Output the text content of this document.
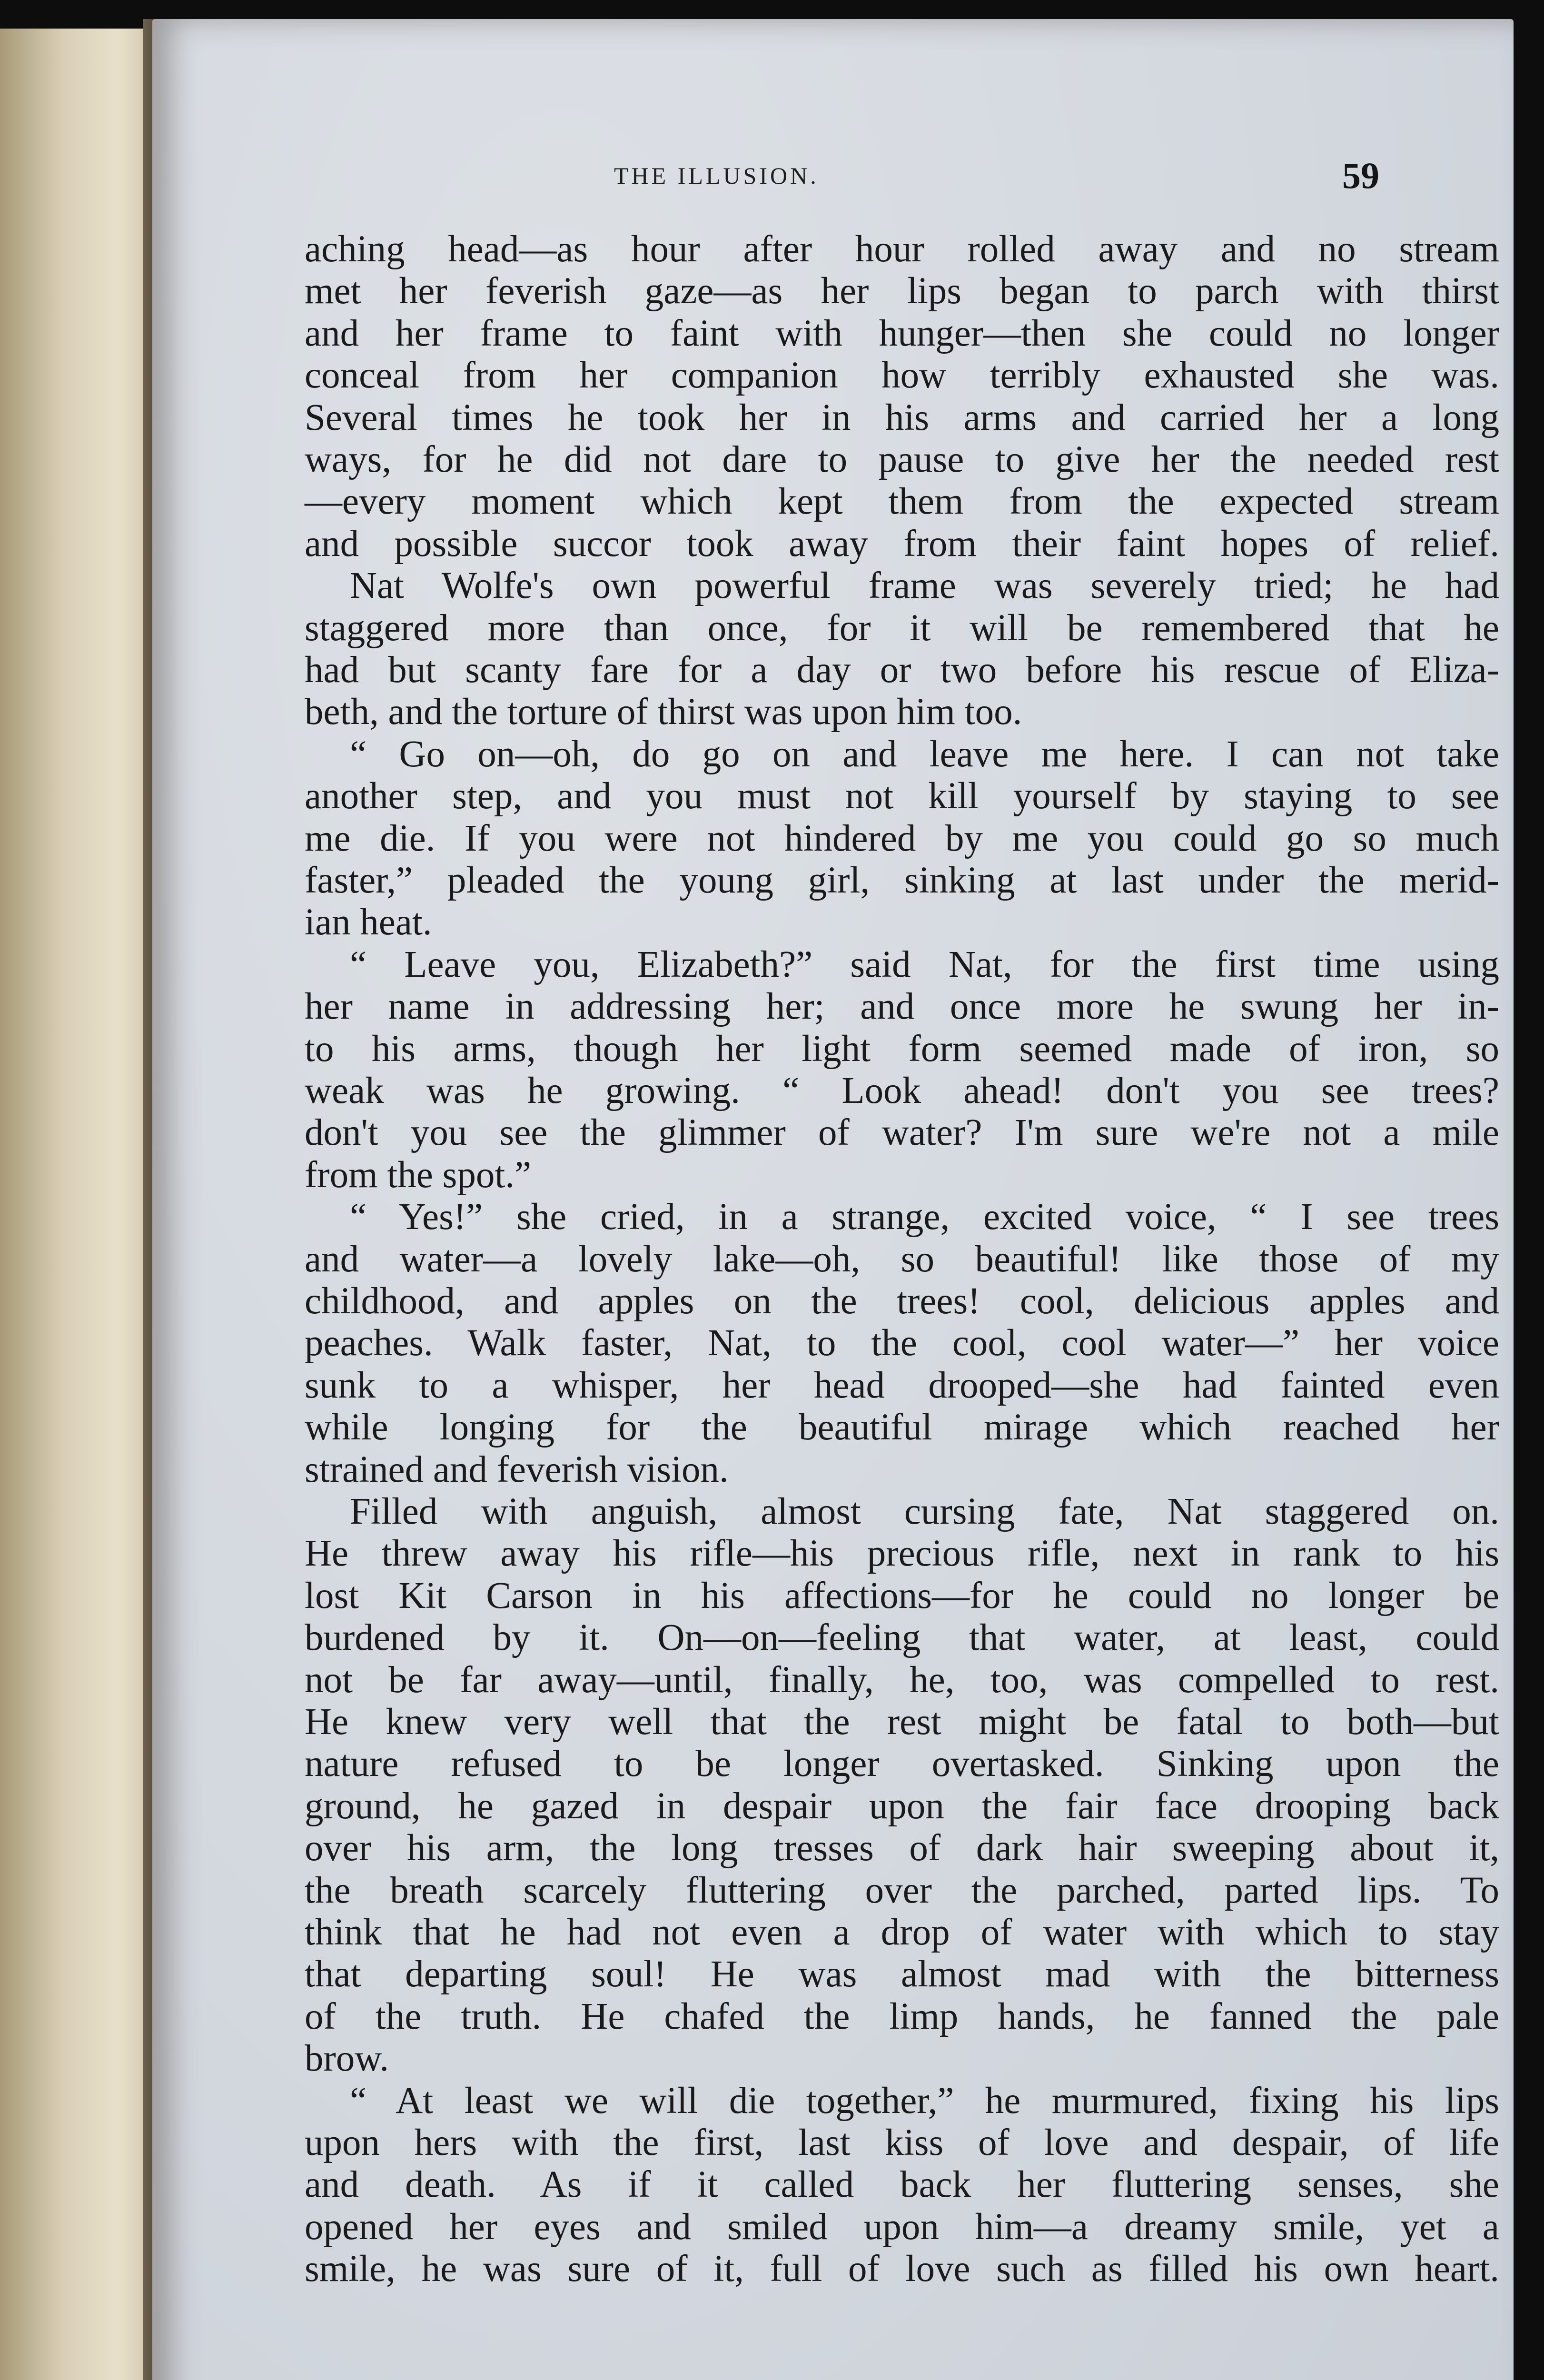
THE ILLUSION.	59
aching head—as hour after hour rolled away and no stream
met her feverish gaze—as her lips began to parch with thirst
and her frame to faint with hunger—then she could no longer
conceal from her companion how terribly exhausted she was.
Several times he took her in his arms and carried her a long
ways, for he did not dare to pause to give her the needed rest
—every moment which kept them from the expected stream
and possible succor took away from their faint hopes of relief.
Nat Wolfe's own powerful frame was severely tried; he had
staggered more than once, for it will be remembered that he
had but scanty fare for a day or two before his rescue of Eliza-
beth, and the torture of thirst was upon him too.
“ Go on—oh, do go on and leave me here. I can not take
another step, and you must not kill yourself by staying to see
me die. If you were not hindered by me you could go so much
faster,” pleaded the young girl, sinking at last under the merid-
ian heat.
“ Leave you, Elizabeth?” said Nat, for the first time using
her name in addressing her; and once more he swung her in-
to his arms, though her light form seemed made of iron, so
weak was he growing. “ Look ahead! don't you see trees?
don't you see the glimmer of water? I'm sure we're not a mile
from the spot.”
“ Yes!” she cried, in a strange, excited voice, “ I see trees
and water—a lovely lake—oh, so beautiful! like those of my
childhood, and apples on the trees! cool, delicious apples and
peaches. Walk faster, Nat, to the cool, cool water—” her voice
sunk to a whisper, her head drooped—she had fainted even
while longing for the beautiful mirage which reached her
strained and feverish vision.
Filled with anguish, almost cursing fate, Nat staggered on.
He threw away his rifle—his precious rifle, next in rank to his
lost Kit Carson in his affections—for he could no longer be
burdened by it. On—on—feeling that water, at least, could
not be far away—until, finally, he, too, was compelled to rest.
He knew very well that the rest might be fatal to both—but
nature refused to be longer overtasked. Sinking upon the
ground, he gazed in despair upon the fair face drooping back
over his arm, the long tresses of dark hair sweeping about it,
the breath scarcely fluttering over the parched, parted lips. To
think that he had not even a drop of water with which to stay
that departing soul! He was almost mad with the bitterness
of the truth. He chafed the limp hands, he fanned the pale
brow.
“ At least we will die together,” he murmured, fixing his lips
upon hers with the first, last kiss of love and despair, of life
and death. As if it called back her fluttering senses, she
opened her eyes and smiled upon him—a dreamy smile, yet a
smile, he was sure of it, full of love such as filled his own heart.
